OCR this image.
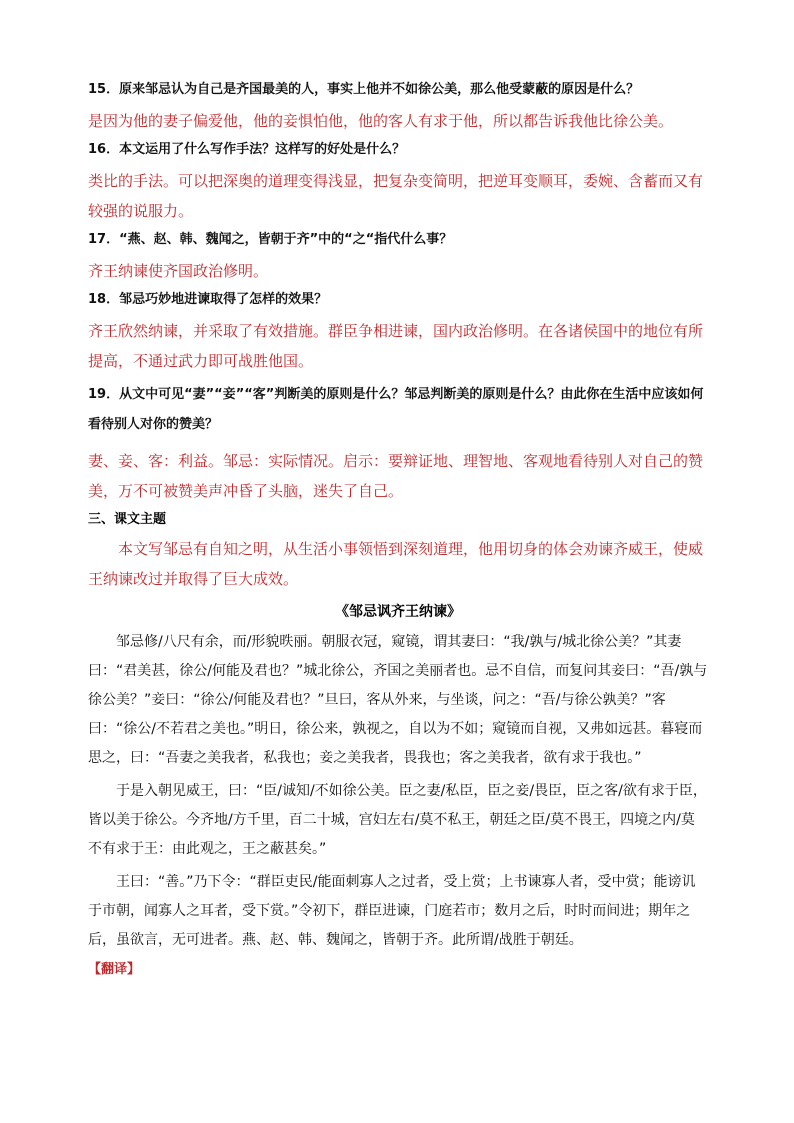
15．原来邹忌认为自己是齐国最美的人，事实上他并不如徐公美，那么他受蒙蔽的原因是什么？
是因为他的妻子偏爱他，他的妾惧怕他，他的客人有求于他，所以都告诉我他比徐公美。
16．本文运用了什么写作手法？这样写的好处是什么？
类比的手法。可以把深奥的道理变得浅显，把复杂变简明，把逆耳变顺耳，委婉、含蓄而又有较强的说服力。
17．“燕、赵、韩、魏闻之，皆朝于齐”中的“之“指代什么事？
齐王纳谏使齐国政治修明。
18．邹忌巧妙地进谏取得了怎样的效果？
齐王欣然纳谏，并采取了有效措施。群臣争相进谏，国内政治修明。在各诸侯国中的地位有所提高，不通过武力即可战胜他国。
19．从文中可见“妻”“妾”“客”判断美的原则是什么？邹忌判断美的原则是什么？由此你在生活中应该如何看待别人对你的赞美？
妻、妾、客：利益。邹忌：实际情况。启示：要辩证地、理智地、客观地看待别人对自己的赞美，万不可被赞美声冲昏了头脑，迷失了自己。
三、课文主题
本文写邹忌有自知之明，从生活小事领悟到深刻道理，他用切身的体会劝谏齐威王，使威王纳谏改过并取得了巨大成效。
《邹忌讽齐王纳谏》
邹忌修/八尺有余，而/形貌昳丽。朝服衣冠，窥镜，谓其妻曰：“我/孰与/城北徐公美？”其妻曰：“君美甚，徐公/何能及君也？”城北徐公，齐国之美丽者也。忌不自信，而复问其妾曰：“吾/孰与徐公美？”妾曰：“徐公/何能及君也？”旦曰，客从外来，与坐谈，问之：“吾/与徐公孰美？”客曰：“徐公/不若君之美也。”明日，徐公来，孰视之，自以为不如；窥镜而自视，又弗如远甚。暮寝而思之，曰：“吾妻之美我者，私我也；妾之美我者，畏我也；客之美我者，欲有求于我也。”
于是入朝见威王，曰：“臣/诚知/不如徐公美。臣之妻/私臣，臣之妾/畏臣，臣之客/欲有求于臣，皆以美于徐公。今齐地/方千里，百二十城，宫妇左右/莫不私王，朝廷之臣/莫不畏王，四境之内/莫不有求于王：由此观之，王之蔽甚矣。”
王曰：“善。”乃下令：“群臣吏民/能面刺寡人之过者，受上赏；上书谏寡人者，受中赏；能谤讥于市朝，闻寡人之耳者，受下赏。”令初下，群臣进谏，门庭若市；数月之后，时时而间进；期年之后，虽欲言，无可进者。燕、赵、韩、魏闻之，皆朝于齐。此所谓/战胜于朝廷。
【翻译】
